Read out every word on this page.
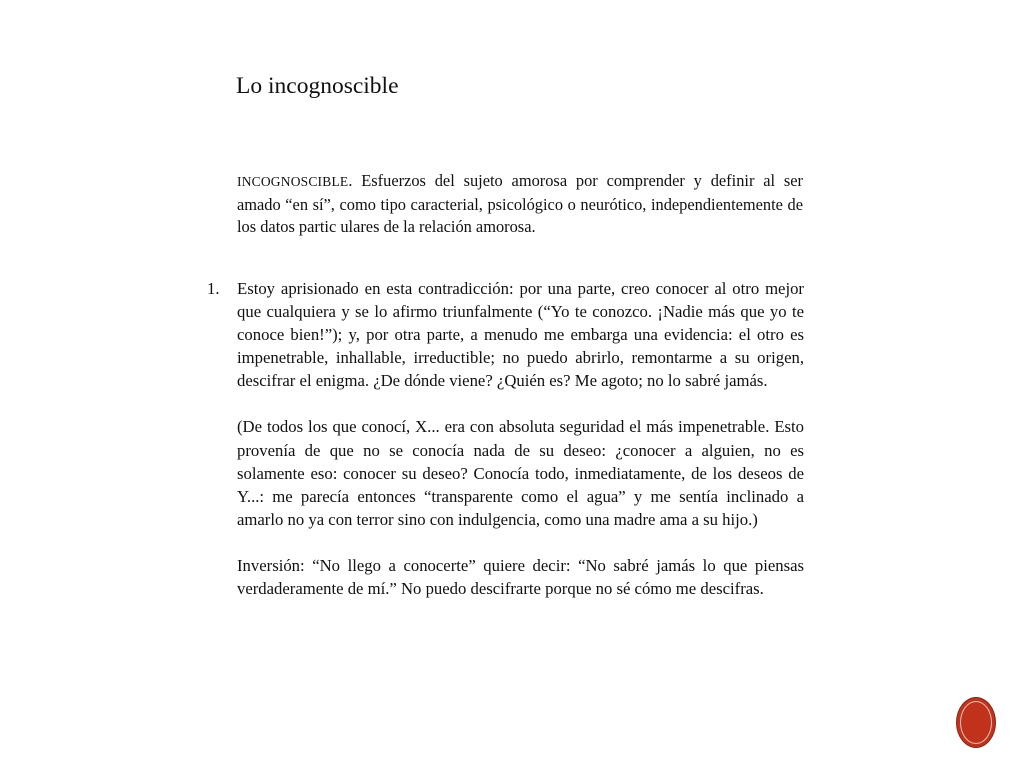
Lo incognoscible
INCOGNOSCIBLE. Esfuerzos del sujeto amorosa por comprender y definir al ser amado “en sí”, como tipo caracterial, psicológico o neurótico, independientemente de los datos partic ulares de la relación amorosa.
1. Estoy aprisionado en esta contradicción: por una parte, creo conocer al otro mejor que cualquiera y se lo afirmo triunfalmente (“Yo te conozco. ¡Nadie más que yo te conoce bien!”); y, por otra parte, a menudo me embarga una evidencia: el otro es impenetrable, inhallable, irreductible; no puedo abrirlo, remontarme a su origen, descifrar el enigma. ¿De dónde viene? ¿Quién es? Me agoto; no lo sabré jamás.

(De todos los que conocí, X... era con absoluta seguridad el más impenetrable. Esto provenía de que no se conocía nada de su deseo: ¿conocer a alguien, no es solamente eso: conocer su deseo? Conocía todo, inmediatamente, de los deseos de Y...: me parecía entonces “transparente como el agua” y me sentía inclinado a amarlo no ya con terror sino con indulgencia, como una madre ama a su hijo.)

Inversión: “No llego a conocerte” quiere decir: “No sabré jamás lo que piensas verdaderamente de mí.” No puedo descifrarte porque no sé cómo me descifras.
